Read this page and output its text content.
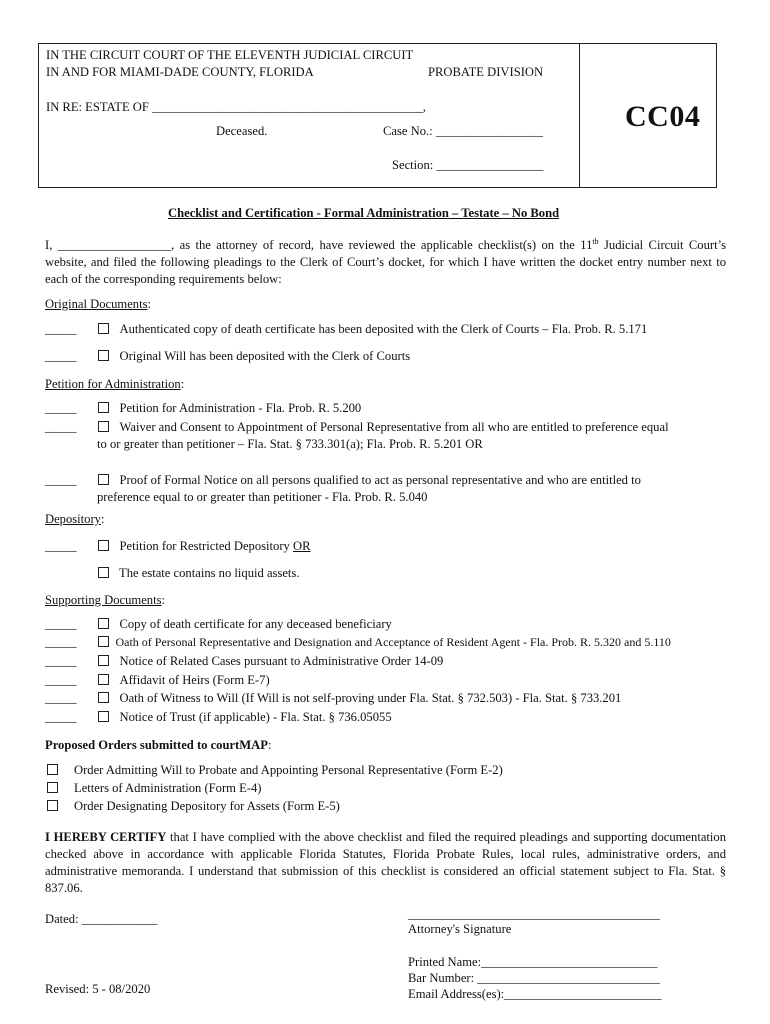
IN THE CIRCUIT COURT OF THE ELEVENTH JUDICIAL CIRCUIT
IN AND FOR MIAMI-DADE COUNTY, FLORIDA	PROBATE DIVISION
IN RE: ESTATE OF ___________________________________________,
Deceased.	Case No.: _________________
Section: _________________
CC04
Checklist and Certification - Formal Administration – Testate – No Bond
I, __________________, as the attorney of record, have reviewed the applicable checklist(s) on the 11th Judicial Circuit Court’s website, and filed the following pleadings to the Clerk of Court’s docket, for which I have written the docket entry number next to each of the corresponding requirements below:
Original Documents:
_____	Authenticated copy of death certificate has been deposited with the Clerk of Courts – Fla. Prob. R. 5.171
_____	Original Will has been deposited with the Clerk of Courts
Petition for Administration:
_____	Petition for Administration - Fla. Prob. R. 5.200
_____	Waiver and Consent to Appointment of Personal Representative from all who are entitled to preference equal
to or greater than petitioner – Fla. Stat. § 733.301(a); Fla. Prob. R. 5.201 OR
_____	Proof of Formal Notice on all persons qualified to act as personal representative and who are entitled to
preference equal to or greater than petitioner - Fla. Prob. R. 5.040
Depository:
_____	Petition for Restricted Depository OR
The estate contains no liquid assets.
Supporting Documents:
_____	Copy of death certificate for any deceased beneficiary
_____	Oath of Personal Representative and Designation and Acceptance of Resident Agent - Fla. Prob. R. 5.320 and 5.110
_____	Notice of Related Cases pursuant to Administrative Order 14-09
_____	Affidavit of Heirs (Form E-7)
_____	Oath of Witness to Will (If Will is not self-proving under Fla. Stat. § 732.503) - Fla. Stat. § 733.201
_____	Notice of Trust (if applicable) - Fla. Stat. § 736.05055
Proposed Orders submitted to courtMAP:
Order Admitting Will to Probate and Appointing Personal Representative (Form E-2)
Letters of Administration (Form E-4)
Order Designating Depository for Assets (Form E-5)
I HEREBY CERTIFY that I have complied with the above checklist and filed the required pleadings and supporting documentation checked above in accordance with applicable Florida Statutes, Florida Probate Rules, local rules, administrative orders, and administrative memoranda. I understand that submission of this checklist is considered an official statement subject to Fla. Stat. § 837.06.
Dated: ____________	________________________________________
Attorney's Signature
Printed Name:____________________________
Bar Number: _____________________________
Email Address(es):_________________________
Revised: 5 - 08/2020
